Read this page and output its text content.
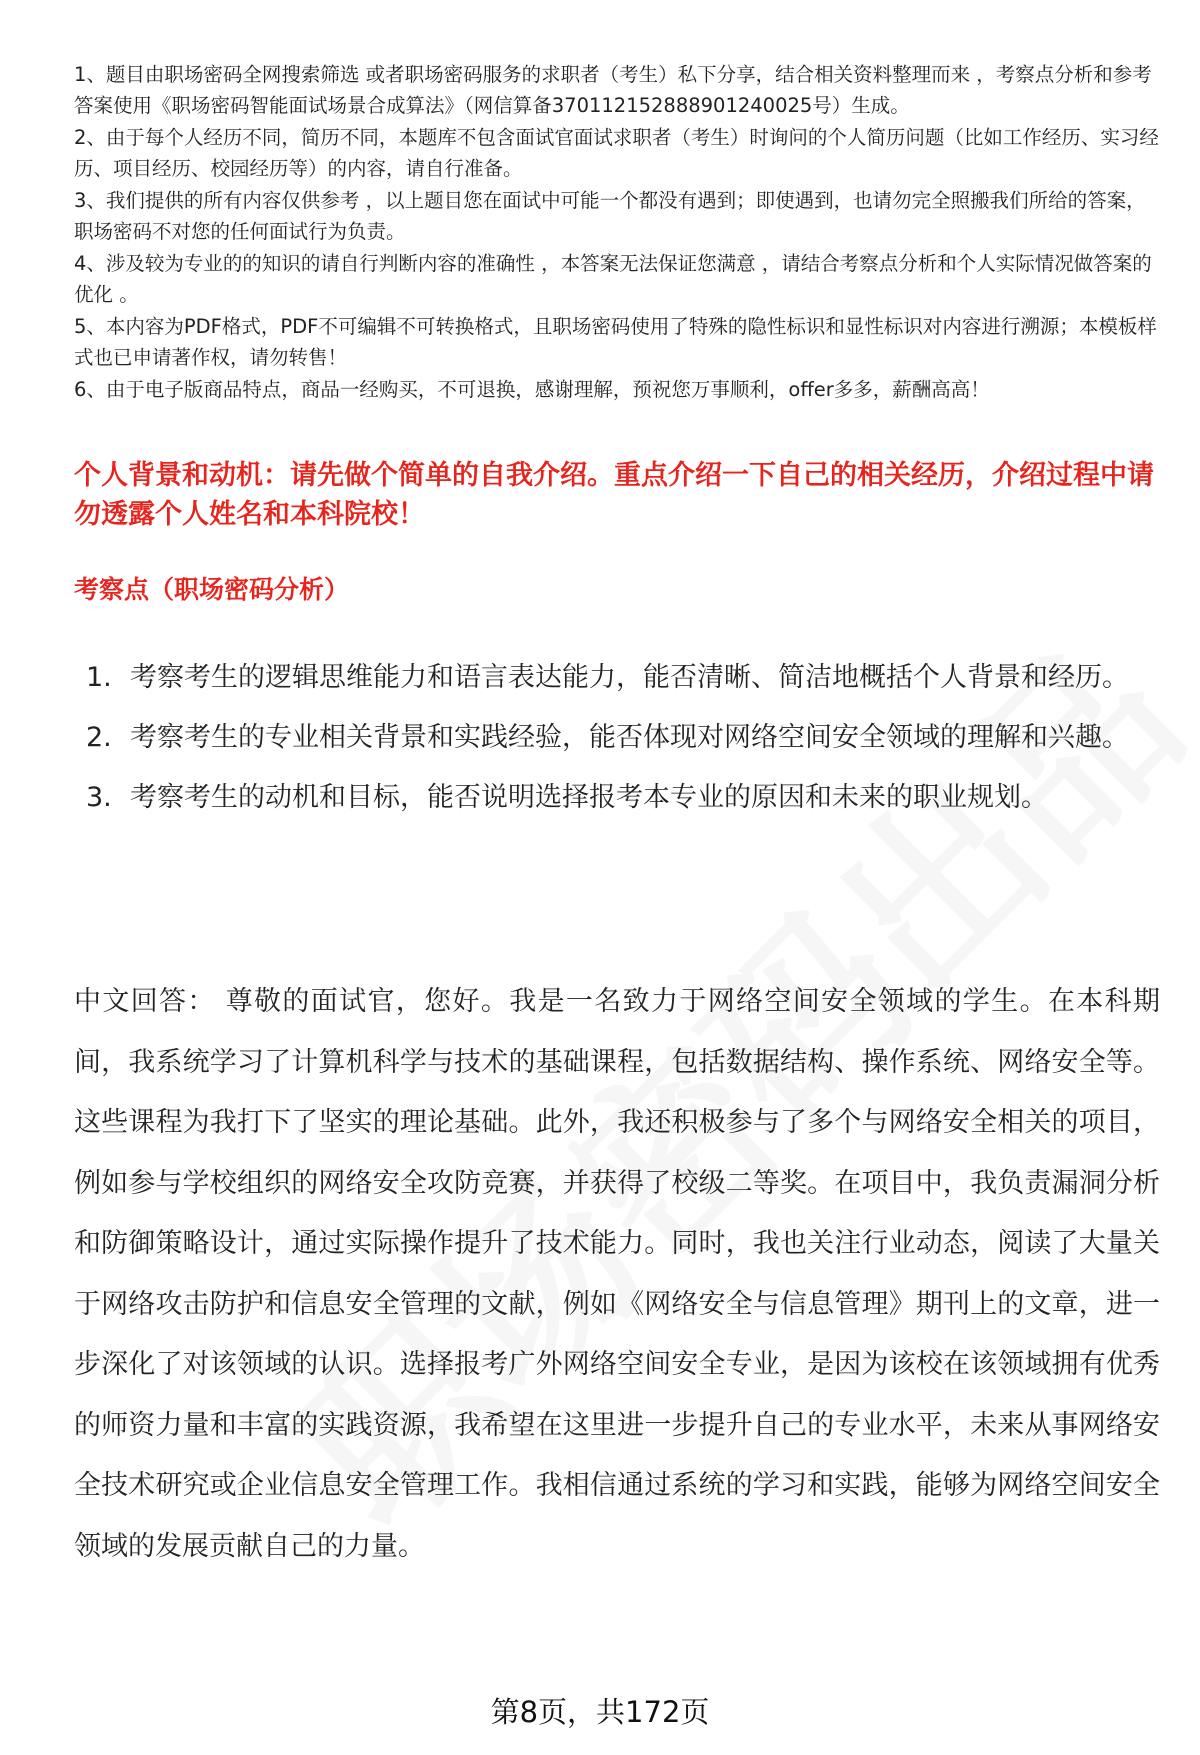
1、题目由职场密码全网搜索筛选 或者职场密码服务的求职者（考生）私下分享，结合相关资料整理而来 ，考察点分析和参考答案使用《职场密码智能面试场景合成算法》（网信算备370112152888901240025号）生成。

2、由于每个人经历不同，简历不同，本题库不包含面试官面试求职者（考生）时询问的个人简历问题（比如工作经历、实习经历、项目经历、校园经历等）的内容，请自行准备。

3、我们提供的所有内容仅供参考 ，以上题目您在面试中可能一个都没有遇到；即使遇到，也请勿完全照搬我们所给的答案，职场密码不对您的任何面试行为负责。

4、涉及较为专业的的知识的请自行判断内容的准确性 ，本答案无法保证您满意 ，请结合考察点分析和个人实际情况做答案的优化 。

5、本内容为PDF格式，PDF不可编辑不可转换格式，且职场密码使用了特殊的隐性标识和显性标识对内容进行溯源；本模板样式也已申请著作权，请勿转售！

6、由于电子版商品特点，商品一经购买，不可退换，感谢理解，预祝您万事顺利，offer多多，薪酬高高！

个人背景和动机：请先做个简单的自我介绍。重点介绍一下自己的相关经历，介绍过程中请勿透露个人姓名和本科院校！

考察点（职场密码分析）

1. 考察考生的逻辑思维能力和语言表达能力，能否清晰、简洁地概括个人背景和经历。
2. 考察考生的专业相关背景和实践经验，能否体现对网络空间安全领域的理解和兴趣。
3. 考察考生的动机和目标，能否说明选择报考本专业的原因和未来的职业规划。

中文回答： 尊敬的面试官，您好。我是一名致力于网络空间安全领域的学生。在本科期间，我系统学习了计算机科学与技术的基础课程，包括数据结构、操作系统、网络安全等。这些课程为我打下了坚实的理论基础。此外，我还积极参与了多个与网络安全相关的项目，例如参与学校组织的网络安全攻防竞赛，并获得了校级二等奖。在项目中，我负责漏洞分析和防御策略设计，通过实际操作提升了技术能力。同时，我也关注行业动态，阅读了大量关于网络攻击防护和信息安全管理的文献，例如《网络安全与信息管理》期刊上的文章，进一步深化了对该领域的认识。选择报考广外网络空间安全专业，是因为该校在该领域拥有优秀的师资力量和丰富的实践资源，我希望在这里进一步提升自己的专业水平，未来从事网络安全技术研究或企业信息安全管理工作。我相信通过系统的学习和实践，能够为网络空间安全领域的发展贡献自己的力量。

第8页，共172页
